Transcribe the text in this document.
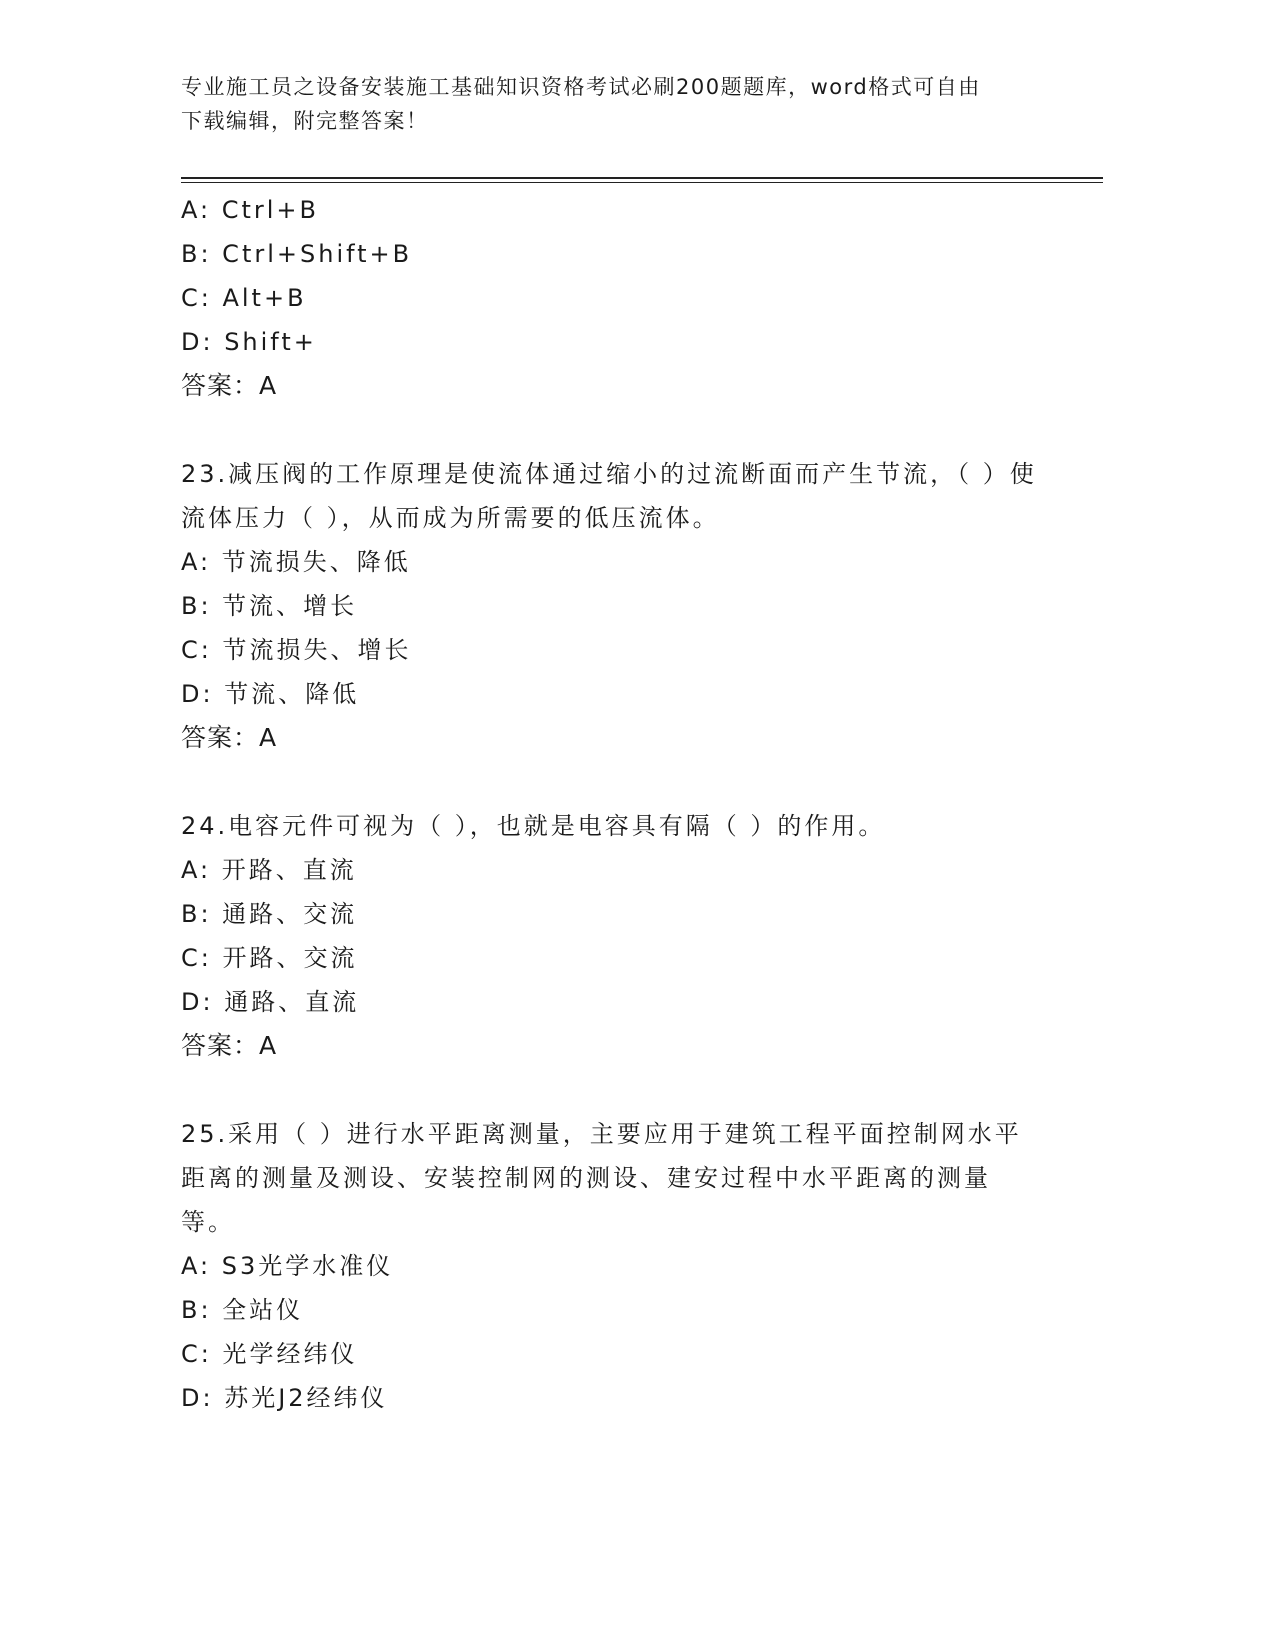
专业施工员之设备安装施工基础知识资格考试必刷200题题库，word格式可自由
下载编辑，附完整答案！
A: Ctrl+B
B: Ctrl+Shift+B
C: Alt+B
D: Shift+
答案：A
23.减压阀的工作原理是使流体通过缩小的过流断面而产生节流，（ ）使流体压力（ ），从而成为所需要的低压流体。
A: 节流损失、降低
B: 节流、增长
C: 节流损失、增长
D: 节流、降低
答案：A
24.电容元件可视为（ ），也就是电容具有隔（ ）的作用。
A: 开路、直流
B: 通路、交流
C: 开路、交流
D: 通路、直流
答案：A
25.采用（ ）进行水平距离测量，主要应用于建筑工程平面控制网水平距离的测量及测设、安装控制网的测设、建安过程中水平距离的测量等。
A: S3光学水准仪
B: 全站仪
C: 光学经纬仪
D: 苏光J2经纬仪
